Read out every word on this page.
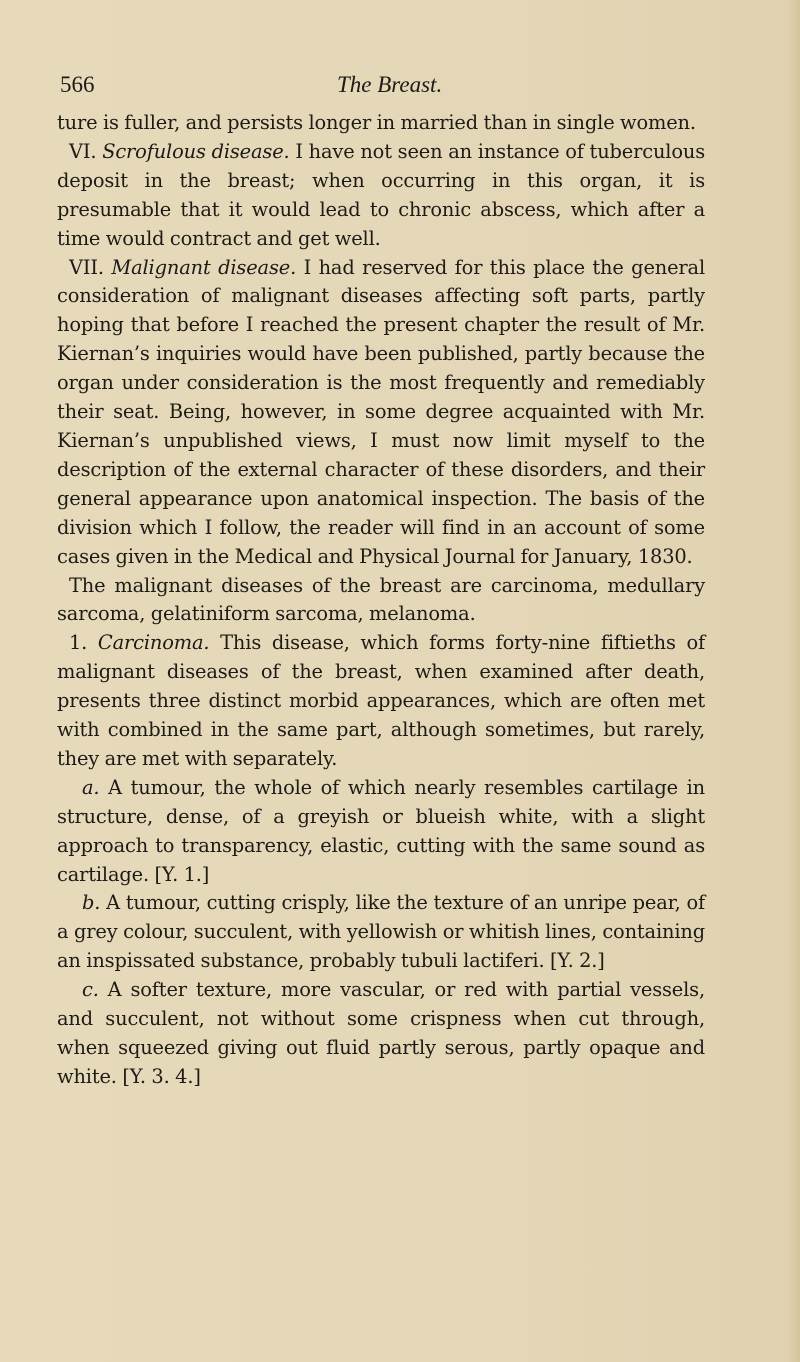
566	The Breast.

ture is fuller, and persists longer in married than in single women.

VI. Scrofulous disease. I have not seen an instance of tuberculous deposit in the breast; when occurring in this organ, it is presumable that it would lead to chronic abscess, which after a time would contract and get well.

VII. Malignant disease. I had reserved for this place the general consideration of malignant diseases affecting soft parts, partly hoping that before I reached the present chapter the result of Mr. Kiernan’s inquiries would have been published, partly because the organ under consideration is the most frequently and remediably their seat. Being, however, in some degree acquainted with Mr. Kiernan’s unpublished views, I must now limit myself to the description of the external character of these disorders, and their general appearance upon anatomical inspection. The basis of the division which I follow, the reader will find in an account of some cases given in the Medical and Physical Journal for January, 1830.

The malignant diseases of the breast are carcinoma, medullary sarcoma, gelatiniform sarcoma, melanoma.

1. Carcinoma. This disease, which forms forty-nine fiftieths of malignant diseases of the breast, when examined after death, presents three distinct morbid appearances, which are often met with combined in the same part, although sometimes, but rarely, they are met with separately.

a. A tumour, the whole of which nearly resembles cartilage in structure, dense, of a greyish or blueish white, with a slight approach to transparency, elastic, cutting with the same sound as cartilage. [Y. 1.]

b. A tumour, cutting crisply, like the texture of an unripe pear, of a grey colour, succulent, with yellowish or whitish lines, containing an inspissated substance, probably tubuli lactiferi. [Y. 2.]

c. A softer texture, more vascular, or red with partial vessels, and succulent, not without some crispness when cut through, when squeezed giving out fluid partly serous, partly opaque and white. [Y. 3. 4.]
